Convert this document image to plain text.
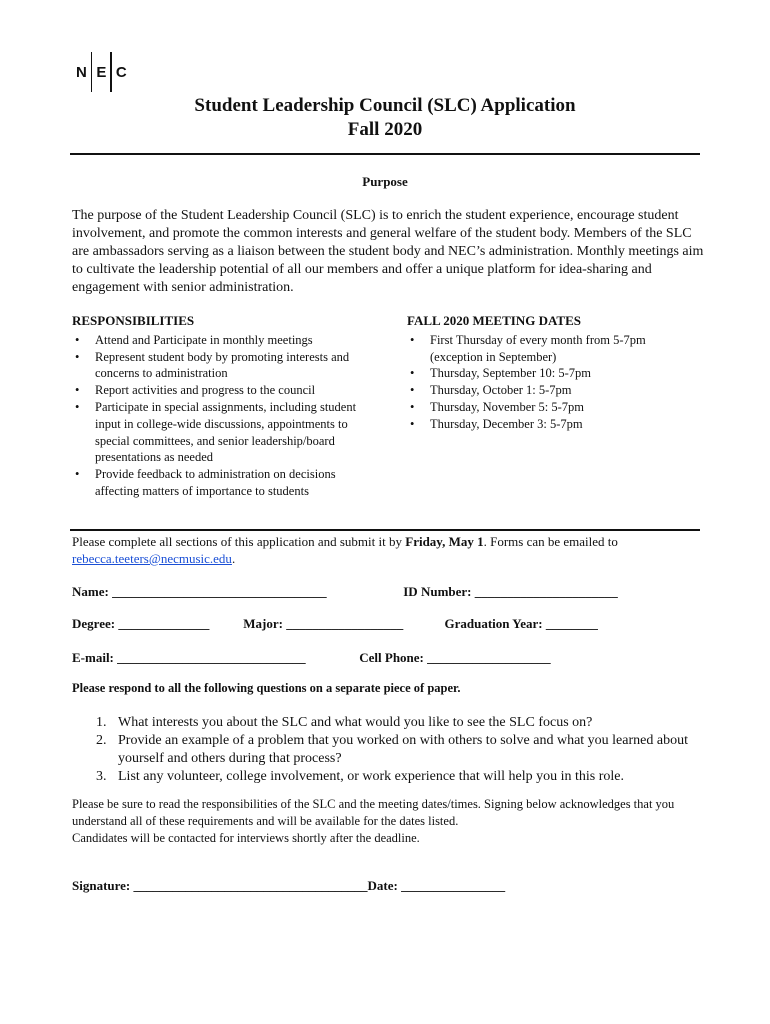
N E C
Student Leadership Council (SLC) Application
Fall 2020
Purpose
The purpose of the Student Leadership Council (SLC) is to enrich the student experience, encourage student involvement, and promote the common interests and general welfare of the student body. Members of the SLC are ambassadors serving as a liaison between the student body and NEC’s administration. Monthly meetings aim to cultivate the leadership potential of all our members and offer a unique platform for idea-sharing and engagement with senior administration.
RESPONSIBILITIES
• Attend and Participate in monthly meetings
• Represent student body by promoting interests and concerns to administration
• Report activities and progress to the council
• Participate in special assignments, including student input in college-wide discussions, appointments to special committees, and senior leadership/board presentations as needed
• Provide feedback to administration on decisions affecting matters of importance to students
FALL 2020 MEETING DATES
• First Thursday of every month from 5-7pm (exception in September)
• Thursday, September 10: 5-7pm
• Thursday, October 1: 5-7pm
• Thursday, November 5: 5-7pm
• Thursday, December 3: 5-7pm
Please complete all sections of this application and submit it by Friday, May 1. Forms can be emailed to rebecca.teeters@necmusic.edu.
Name: _________________________________	ID Number: ______________________
Degree: ______________	Major: __________________	Graduation Year: ________
E-mail: _____________________________	Cell Phone: ___________________
Please respond to all the following questions on a separate piece of paper.
1. What interests you about the SLC and what would you like to see the SLC focus on?
2. Provide an example of a problem that you worked on with others to solve and what you learned about yourself and others during that process?
3. List any volunteer, college involvement, or work experience that will help you in this role.
Please be sure to read the responsibilities of the SLC and the meeting dates/times. Signing below acknowledges that you understand all of these requirements and will be available for the dates listed.
Candidates will be contacted for interviews shortly after the deadline.
Signature: ____________________________________Date: ________________
